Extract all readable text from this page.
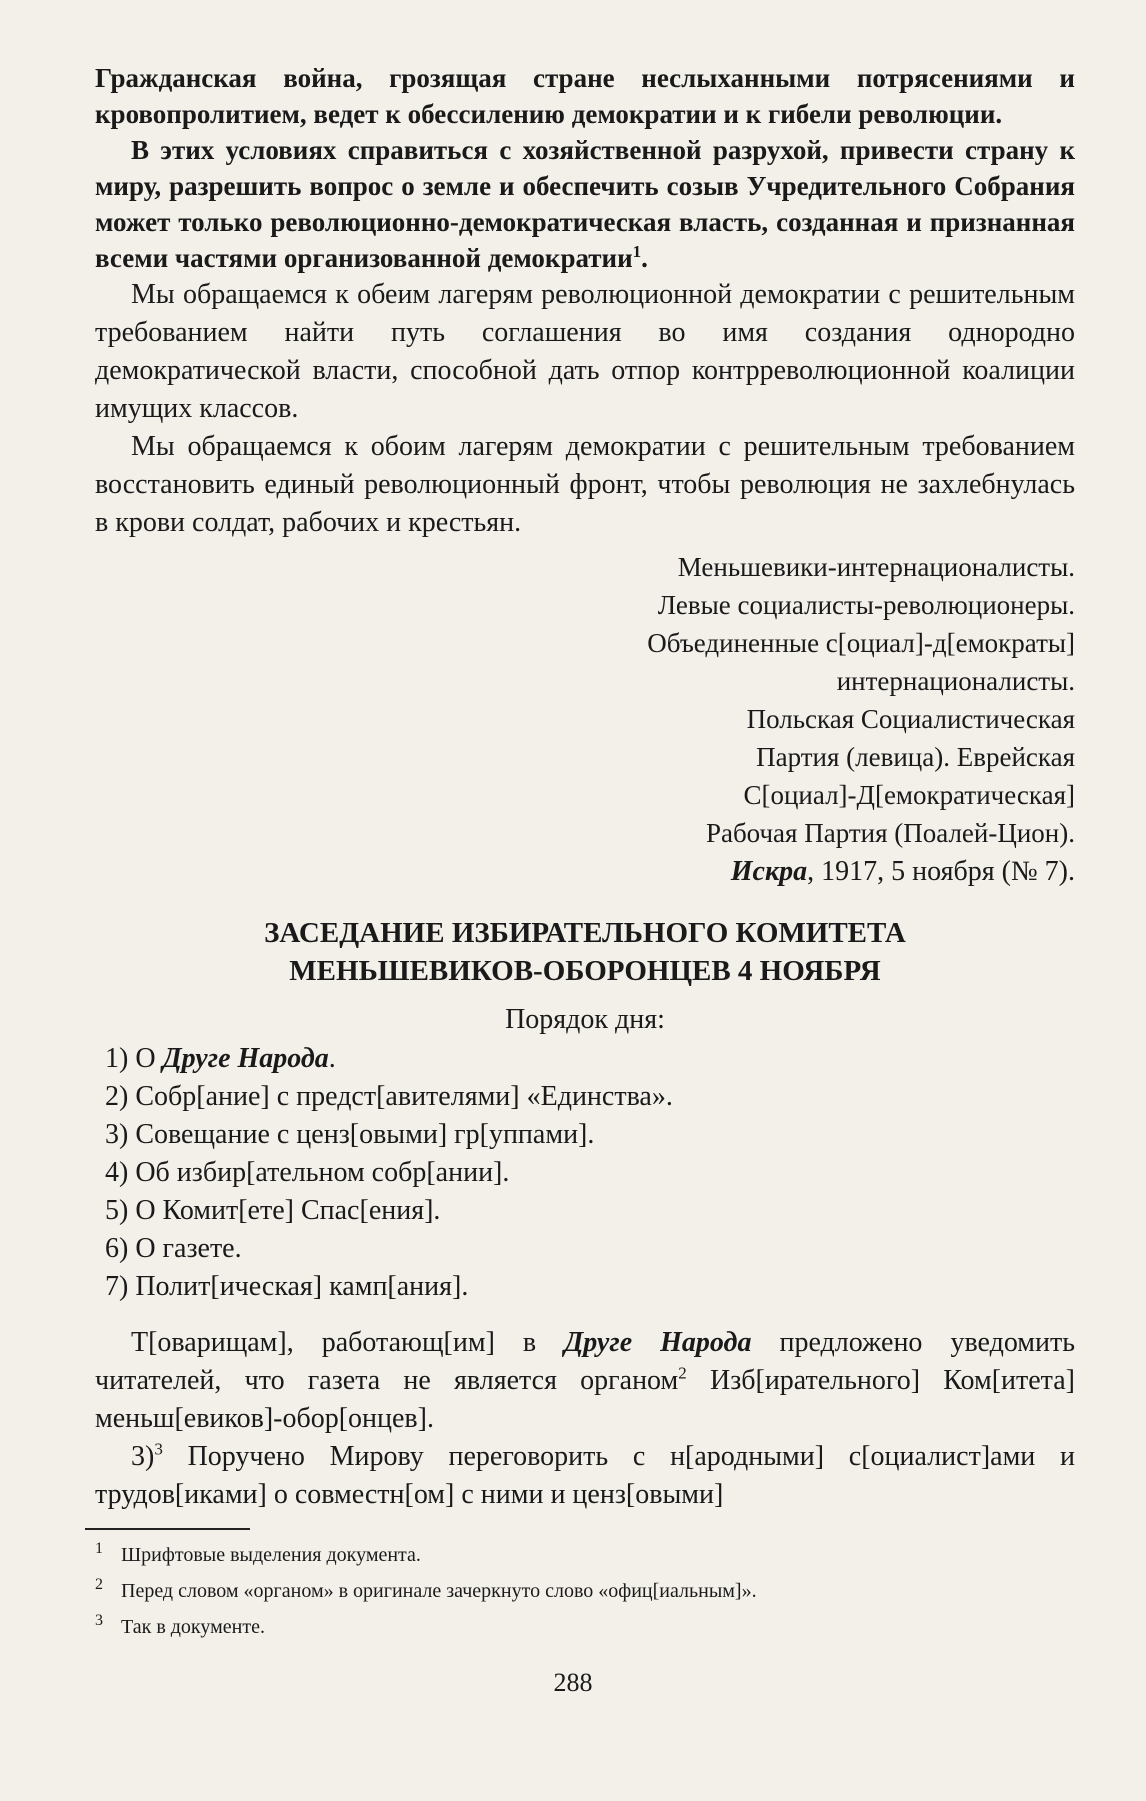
Гражданская война, грозящая стране неслыханными потрясениями и кровопролитием, ведет к обессилению демократии и к гибели революции.

В этих условиях справиться с хозяйственной разрухой, привести страну к миру, разрешить вопрос о земле и обеспечить созыв Учредительного Собрания может только революционно-демократическая власть, созданная и признанная всеми частями организованной демократии$^1$.

Мы обращаемся к обеим лагерям революционной демократии с решительным требованием найти путь соглашения во имя создания однородно демократической власти, способной дать отпор контрреволюционной коалиции имущих классов.

Мы обращаемся к обоим лагерям демократии с решительным требованием восстановить единый революционный фронт, чтобы революция не захлебнулась в крови солдат, рабочих и крестьян.

Меньшевики-интернационалисты.
Левые социалисты-революционеры.
Объединенные с[оциал]-д[емократы]
интернационалисты.
Польская Социалистическая
Партия (левица). Еврейская
С[оциал]-Д[емократическая]
Рабочая Партия (Поалей-Цион).
Искра, 1917, 5 ноября (№ 7).
ЗАСЕДАНИЕ ИЗБИРАТЕЛЬНОГО КОМИТЕТА
МЕНЬШЕВИКОВ-ОБОРОНЦЕВ 4 НОЯБРЯ
Порядок дня:
1) О Друге Народа.
2) Собр[ание] с предст[авителями] «Единства».
3) Совещание с ценз[овыми] гр[уппами].
4) Об избир[ательном собр[ании].
5) О Комит[ете] Спас[ения].
6) О газете.
7) Полит[ическая] камп[ания].

Т[оварищам], работающ[им] в Друге Народа предложено уведомить читателей, что газета не является органом$^2$ Изб[ирательного] Ком[итета] меньш[евиков]-обор[онцев].

3)$^3$ Поручено Мирову переговорить с н[ародными] с[оциалист]ами и трудов[иками] о совместн[ом] с ними и ценз[овыми]

1 Шрифтовые выделения документа.

2 Перед словом «органом» в оригинале зачеркнуто слово «офиц[иальным]».

3 Так в документе.

288
